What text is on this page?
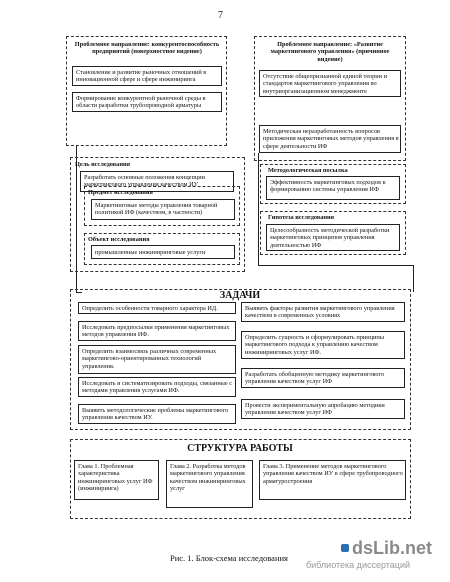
7
Проблемное направление: конкурентоспособность предприятий (поверхностное видение)
Становление и развитие рыночных отношений в инновационной сфере и сфере инжиниринга
Формирование конкурентной рыночной среды в области разработки трубопроводной арматуры
Проблемное направление: «Развитие маркетингового управления» (причинное видение)
Отсутствие общепризнанной единой теории и стандартов маркетингового управления во внутриорганизационном менеджменте
Методическая неразработанность вопросов приложения маркетинговых методов управления в сфере деятельности ИФ
Цель исследования
Разработать основные положения концепции маркетингового управления качеством ИУ
Предмет исследования
Маркетинговые методы управления товарной политикой ИФ (качеством, в частности)
Объект исследования
промышленные инжиниринговые услуги
Методологическая посылка
Эффективность маркетинговых подходов к формированию системы управления ИФ
Гипотеза исследования
Целесообразность методической разработки маркетинговых принципов управления деятельностью ИФ
ЗАДАЧИ
Определить особенности товарного характера ИД.
Исследовать предпосылки применения маркетинговых методов управления ИФ.
Определить взаимосвязь различных современных маркетингово-ориентированных технологий управления.
Исследовать и систематизировать подходы, связанные с методами управления услугами ИФ.
Выявить методологические проблемы маркетингового управления качеством ИУ.
Выявить факторы развития маркетингового управления качеством в современных условиях
Определить сущность и сформулировать принципы маркетингового подхода к управлению качеством инжиниринговых услуг ИФ.
Разработать обобщенную методику маркетингового управления качеством услуг ИФ
Провести экспериментальную апробацию методики управления качеством услуг ИФ
СТРУКТУРА РАБОТЫ
Глава 1. Проблемная характеристика инжиниринговых услуг ИФ (инжиниринга)
Глава 2. Разработка методов маркетингового управления качеством инжиниринговых услуг
Глава 3. Применение методов маркетингового управления качеством ИУ в сфере трубопроводного арматуростроения
Рис. 1. Блок-схема исследования	dsLib.net
библиотека диссертаций
